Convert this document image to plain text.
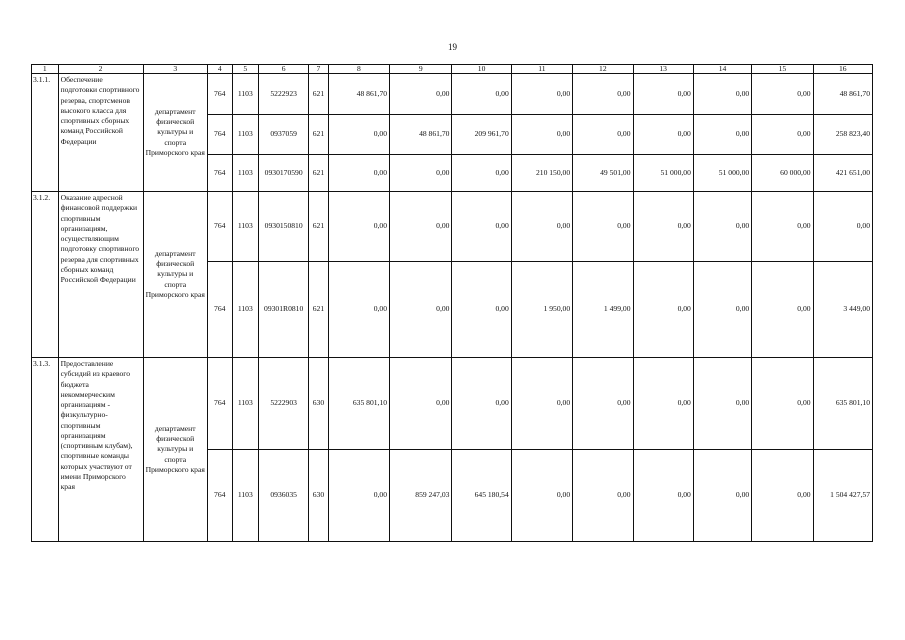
19
1	2	3	4	5	6	7	8	9	10	11	12	13	14	15	16
3.1.1.	Обеспечение подготовки спортивного резерва, спортсменов высокого класса для спортивных сборных команд Российской Федерации	департамент физической культуры и спорта Приморского края	764	1103	5222923	621	48 861,70	0,00	0,00	0,00	0,00	0,00	0,00	0,00	48 861,70
			764	1103	0937059	621	0,00	48 861,70	209 961,70	0,00	0,00	0,00	0,00	0,00	258 823,40
			764	1103	0930170590	621	0,00	0,00	0,00	210 150,00	49 501,00	51 000,00	51 000,00	60 000,00	421 651,00
3.1.2.	Оказание адресной финансовой поддержки спортивным организациям, осуществляющим подготовку спортивного резерва для спортивных сборных команд Российской Федерации	департамент физической культуры и спорта Приморского края	764	1103	0930150810	621	0,00	0,00	0,00	0,00	0,00	0,00	0,00	0,00	0,00
			764	1103	09301R0810	621	0,00	0,00	0,00	1 950,00	1 499,00	0,00	0,00	0,00	3 449,00
3.1.3.	Предоставление субсидий из краевого бюджета некоммерческим организациям - физкультурно-спортивным организациям (спортивным клубам), спортивные команды которых участвуют от имени Приморского края	департамент физической культуры и спорта Приморского края	764	1103	5222903	630	635 801,10	0,00	0,00	0,00	0,00	0,00	0,00	0,00	635 801,10
			764	1103	0936035	630	0,00	859 247,03	645 180,54	0,00	0,00	0,00	0,00	0,00	1 504 427,57
